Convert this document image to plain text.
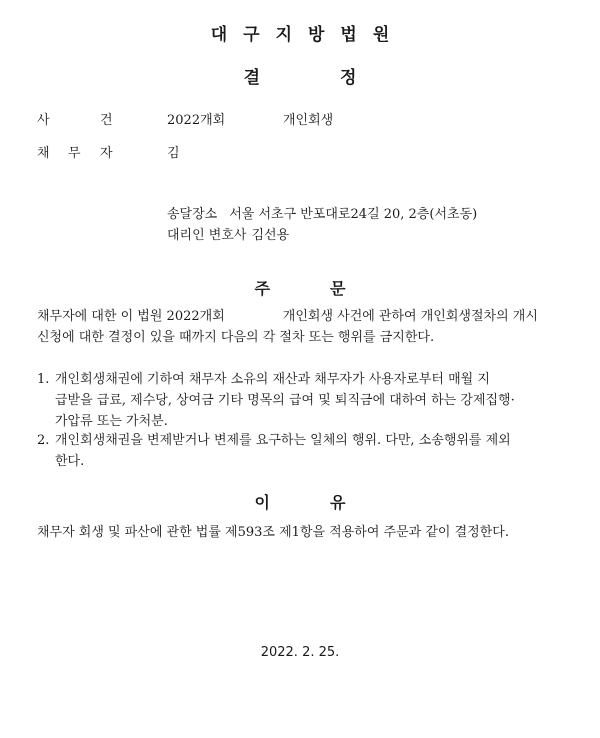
대구지방법원
결	정
사	건	2022개회	개인회생
채 무 자	김
송달장소 서울 서초구 반포대로24길 20, 2층(서초동)
대리인 변호사 김선용
주	문
채무자에 대한 이 법원 2022개회	개인회생 사건에 관하여 개인회생절차의 개시
신청에 대한 결정이 있을 때까지 다음의 각 절차 또는 행위를 금지한다.
1. 개인회생채권에 기하여 채무자 소유의 재산과 채무자가 사용자로부터 매월 지
급받을 급료, 제수당, 상여금 기타 명목의 급여 및 퇴직금에 대하여 하는 강제집행·
가압류 또는 가처분.
2. 개인회생채권을 변제받거나 변제를 요구하는 일체의 행위. 다만, 소송행위를 제외
한다.
이	유
채무자 회생 및 파산에 관한 법률 제593조 제1항을 적용하여 주문과 같이 결정한다.
2022. 2. 25.
